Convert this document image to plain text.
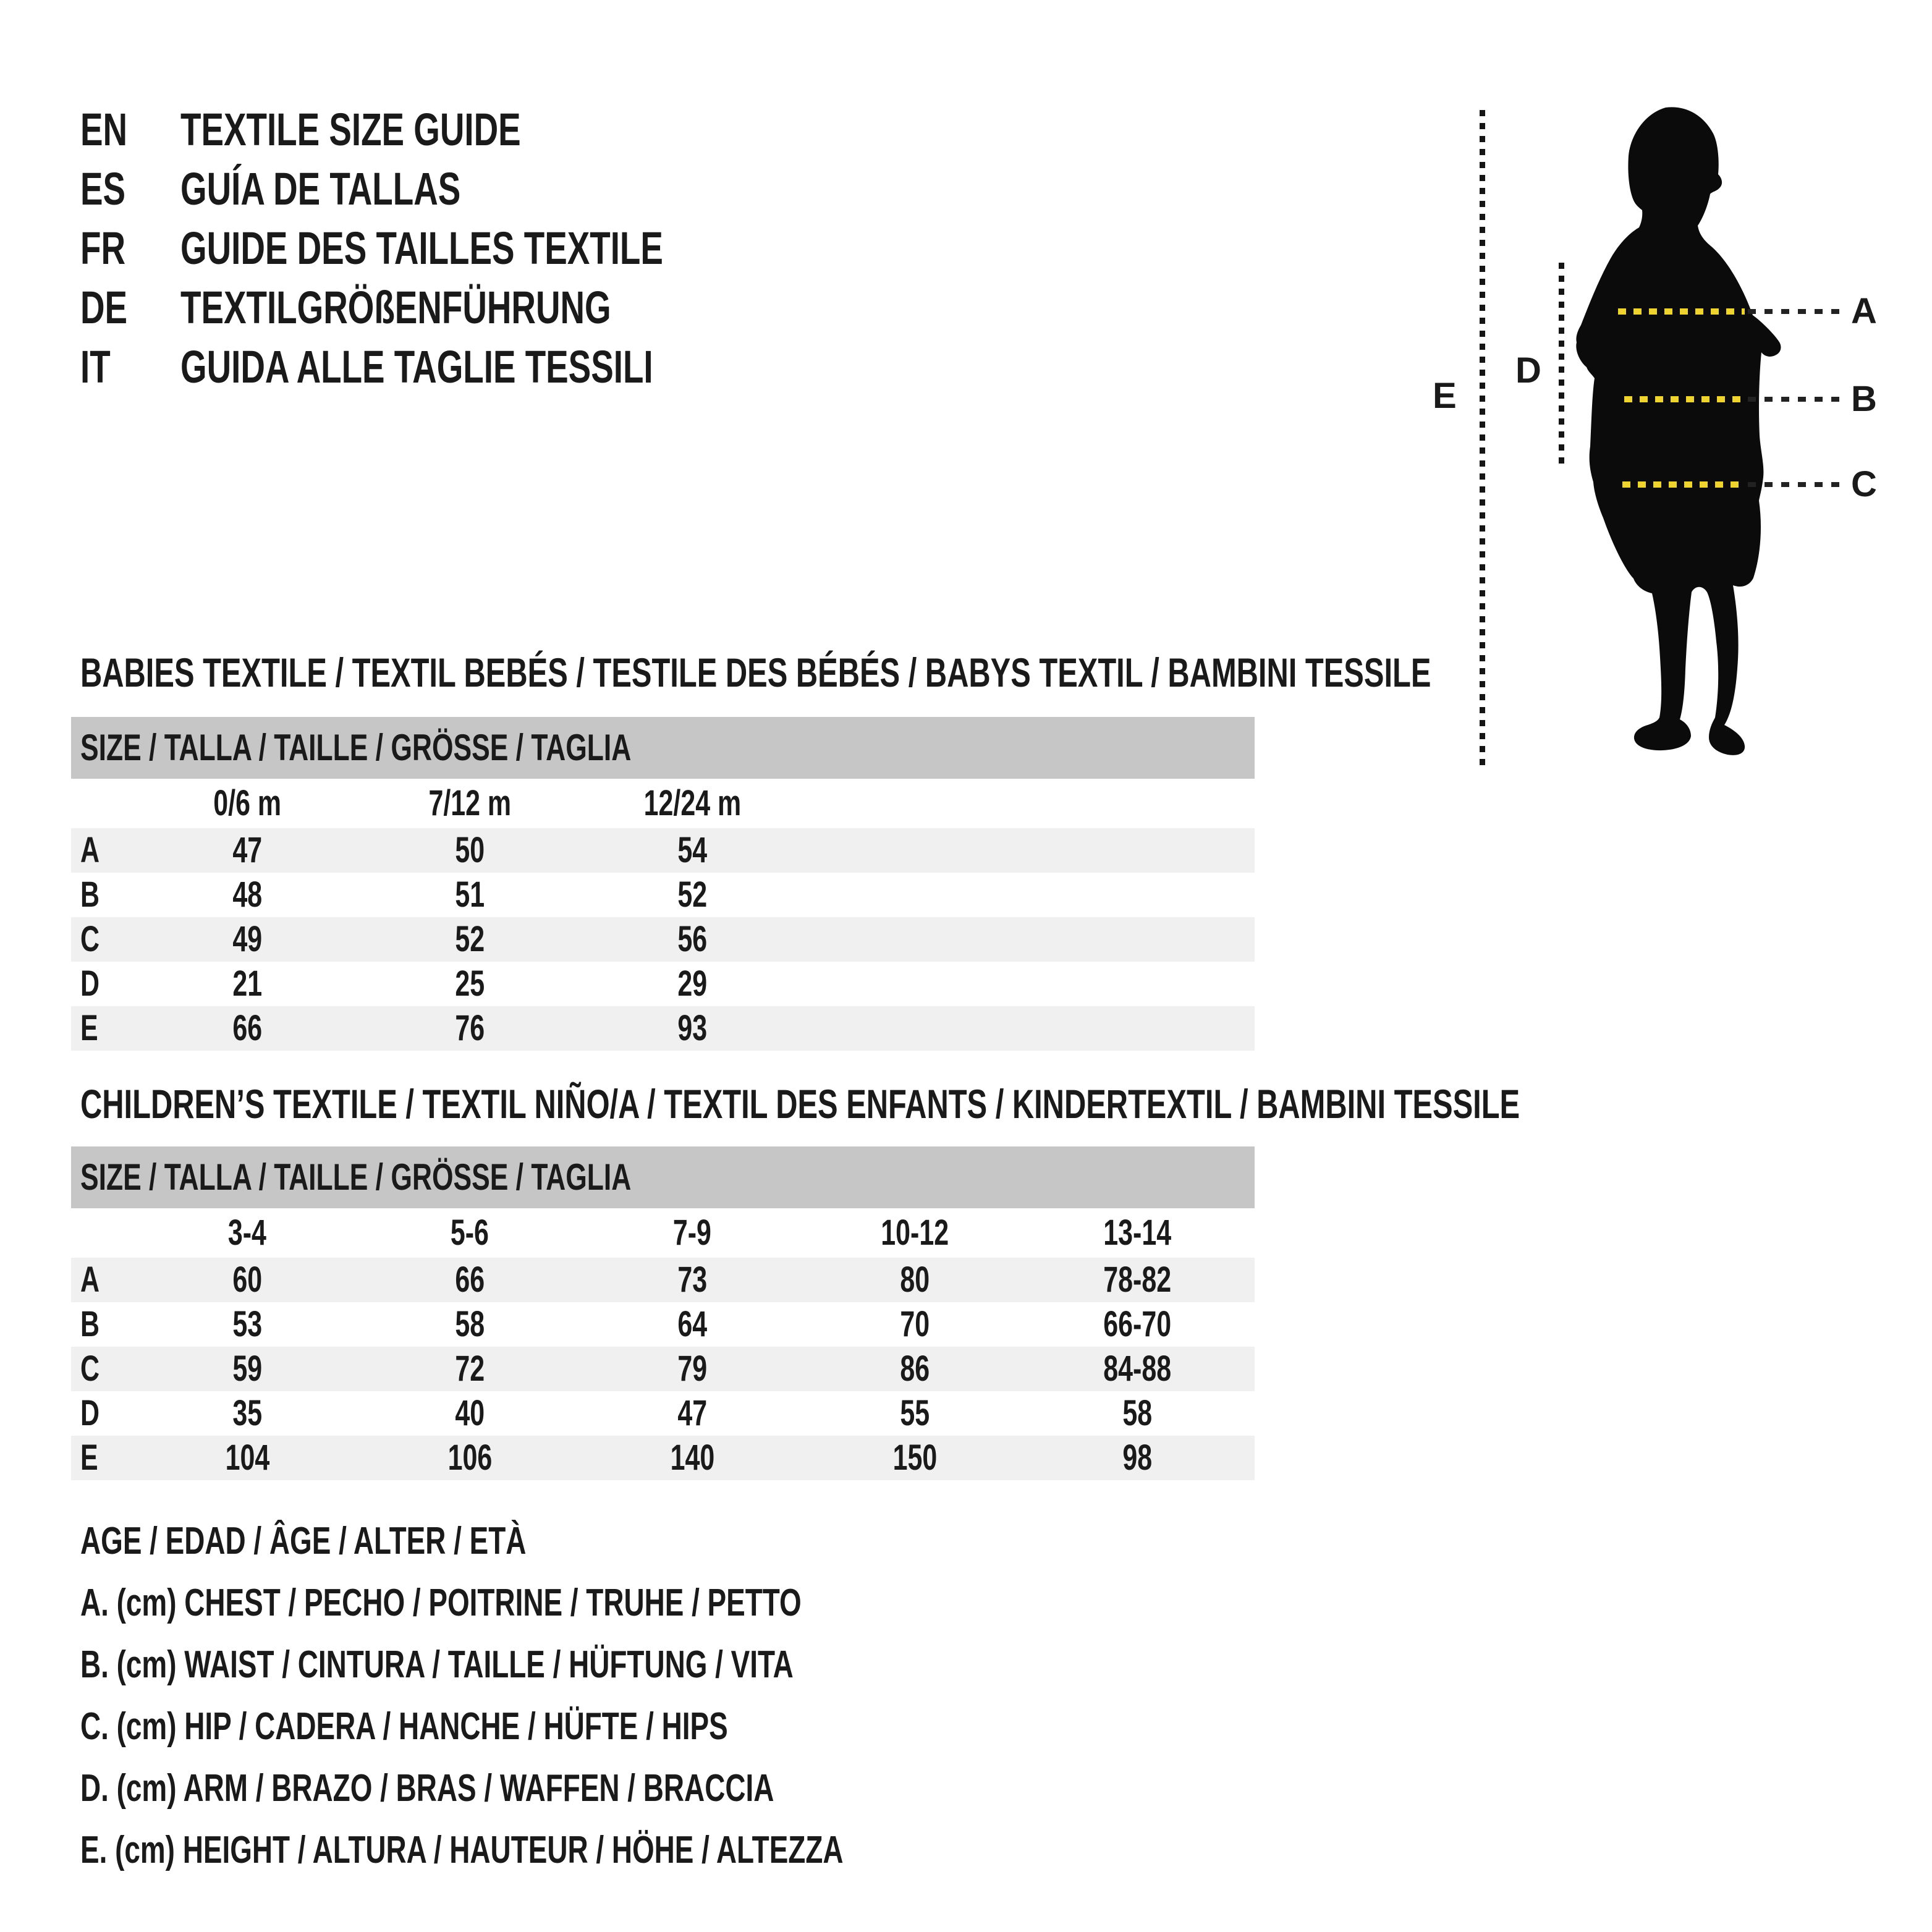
EN	TEXTILE SIZE GUIDE
ES	GUÍA DE TALLAS
FR	GUIDE DES TAILLES TEXTILE
DE	TEXTILGRÖßENFÜHRUNG
IT GUIDA ALLE TAGLIE TESSILI
A
B
C
D
E
BABIES TEXTILE / TEXTIL BEBÉS / TESTILE DES BÉBÉS / BABYS TEXTIL / BAMBINI TESSILE
SIZE / TALLA / TAILLE / GRÖSSE / TAGLIA
0/6 m	7/12 m	12/24 m
A	47	50	54
B	48	51	52
C	49	52	56
D	21	25	29
E	66	76	93
CHILDREN’S TEXTILE / TEXTIL NIÑO/A / TEXTIL DES ENFANTS / KINDERTEXTIL / BAMBINI TESSILE
SIZE / TALLA / TAILLE / GRÖSSE / TAGLIA
3-4	5-6	7-9	10-12	13-14
A	60	66	73	80	78-82
B	53	58	64	70	66-70
C	59	72	79	86	84-88
D	35	40	47	55	58
E	104	106	140	150	98
AGE / EDAD / ÂGE / ALTER / ETÀ
A. (cm) CHEST / PECHO / POITRINE / TRUHE / PETTO
B. (cm) WAIST / CINTURA / TAILLE / HÜFTUNG / VITA
C. (cm) HIP / CADERA / HANCHE / HÜFTE / HIPS
D. (cm) ARM / BRAZO / BRAS / WAFFEN / BRACCIA
E. (cm) HEIGHT / ALTURA / HAUTEUR / HÖHE / ALTEZZA
